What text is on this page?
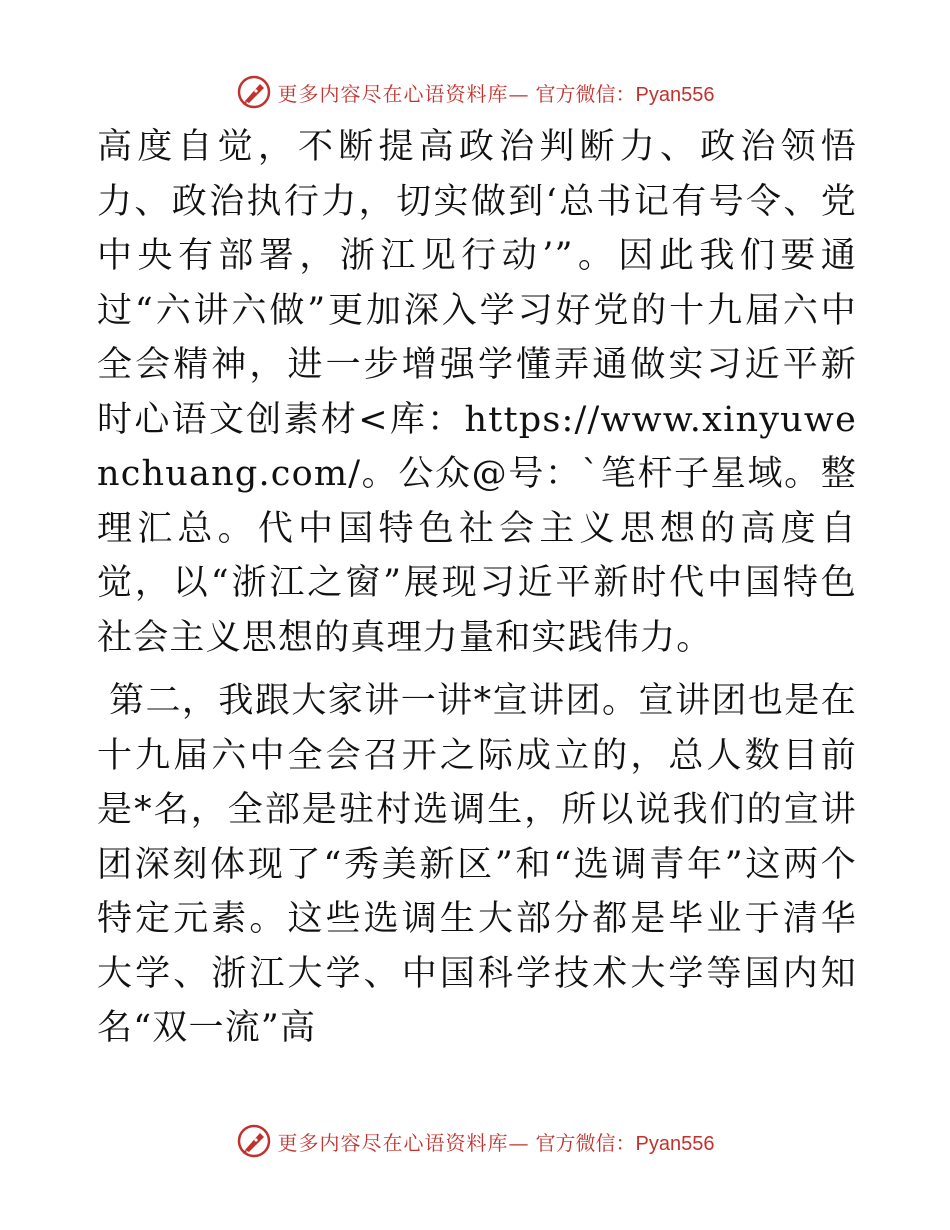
更多内容尽在心语资料库— 官方微信：Pyan556

高度自觉，不断提高政治判断力、政治领悟力、政治执行力，切实做到‘总书记有号令、党中央有部署，浙江见行动’”。因此我们要通过“六讲六做”更加深入学习好党的十九届六中全会精神，进一步增强学懂弄通做实习近平新时心语文创素材<库：https://www.xinyuwenchuang.com/。公众@号：`笔杆子星域。整理汇总。代中国特色社会主义思想的高度自觉，以“浙江之窗”展现习近平新时代中国特色社会主义思想的真理力量和实践伟力。

第二，我跟大家讲一讲*宣讲团。宣讲团也是在十九届六中全会召开之际成立的，总人数目前是*名，全部是驻村选调生，所以说我们的宣讲团深刻体现了“秀美新区”和“选调青年”这两个特定元素。这些选调生大部分都是毕业于清华大学、浙江大学、中国科学技术大学等国内知名“双一流”高

更多内容尽在心语资料库— 官方微信：Pyan556
